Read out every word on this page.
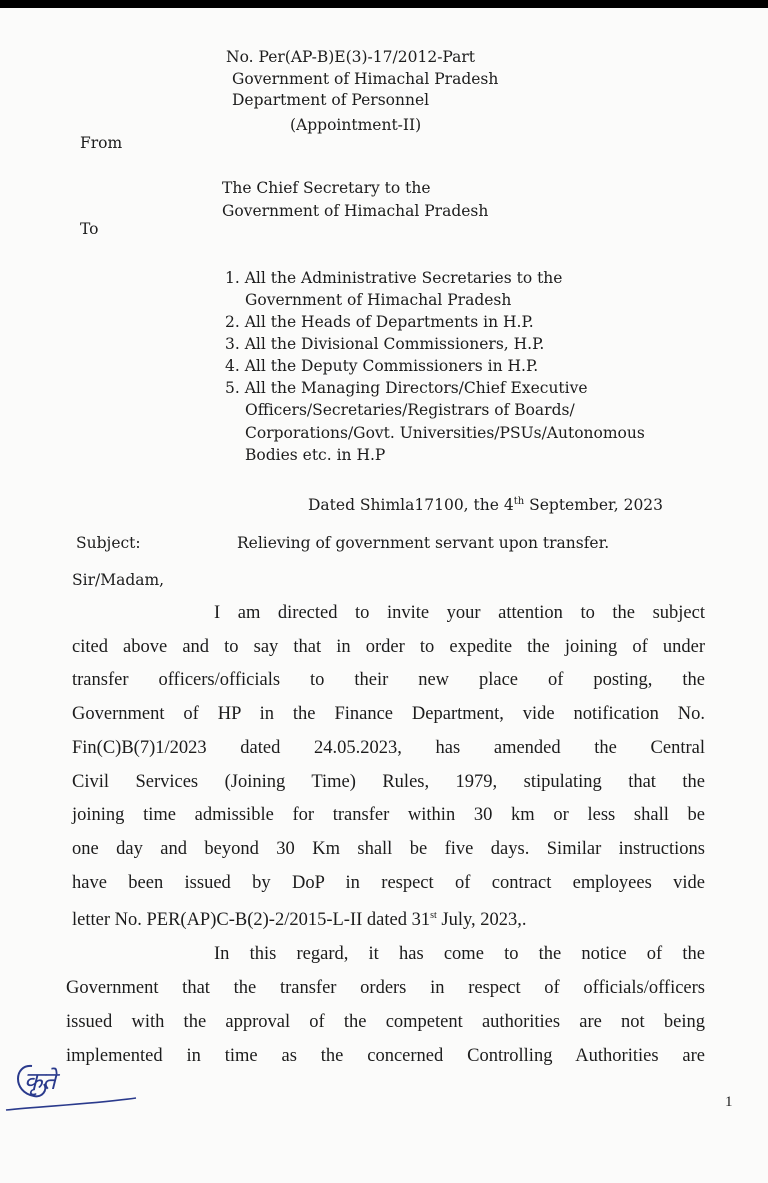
No. Per(AP-B)E(3)-17/2012-Part
Government of Himachal Pradesh
Department of Personnel
(Appointment-II)
From
The Chief Secretary to the
Government of Himachal Pradesh
To
1. All the Administrative Secretaries to the
Government of Himachal Pradesh
2. All the Heads of Departments in H.P.
3. All the Divisional Commissioners, H.P.
4. All the Deputy Commissioners in H.P.
5. All the Managing Directors/Chief Executive
Officers/Secretaries/Registrars of Boards/
Corporations/Govt. Universities/PSUs/Autonomous
Bodies etc. in H.P
Dated Shimla17100, the 4th September, 2023
Subject:	Relieving of government servant upon transfer.
Sir/Madam,
I am directed to invite your attention to the subject
cited above and to say that in order to expedite the joining of under
transfer officers/officials to their new place of posting, the
Government of HP in the Finance Department, vide notification No.
Fin(C)B(7)1/2023 dated 24.05.2023, has amended the Central
Civil Services (Joining Time) Rules, 1979, stipulating that the
joining time admissible for transfer within 30 km or less shall be
one day and beyond 30 Km shall be five days. Similar instructions
have been issued by DoP in respect of contract employees vide
letter No. PER(AP)C-B(2)-2/2015-L-II dated 31st July, 2023,.
In this regard, it has come to the notice of the
Government that the transfer orders in respect of officials/officers
issued with the approval of the competent authorities are not being
implemented in time as the concerned Controlling Authorities are
कृते
1
